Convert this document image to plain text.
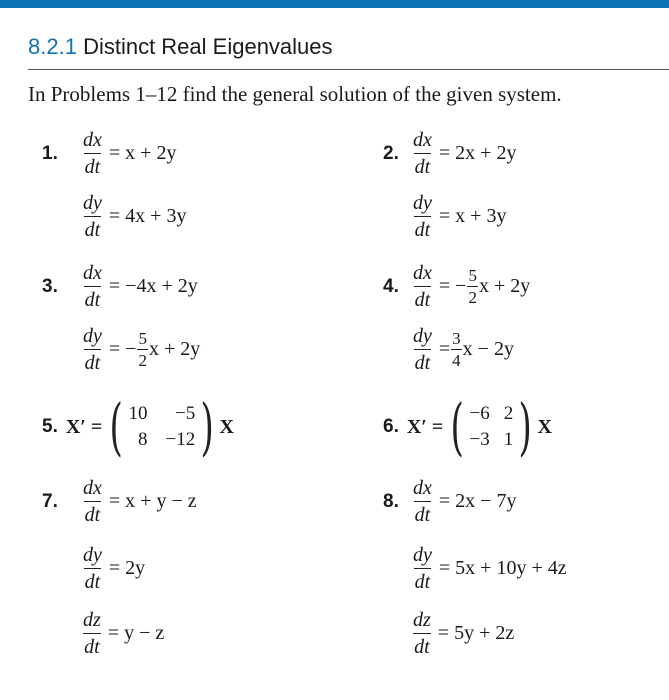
8.2.1 Distinct Real Eigenvalues
In Problems 1–12 find the general solution of the given system.
1. $\frac{dx}{dt} = x + 2y$
$\frac{dy}{dt} = 4x + 3y$
2. $\frac{dx}{dt} = 2x + 2y$
$\frac{dy}{dt} = x + 3y$
3. $\frac{dx}{dt} = -4x + 2y$
$\frac{dy}{dt}$ = − $\frac{5}{2}$ x + 2y
4. $\frac{dx}{dt}$ = − $\frac{5}{2}$ x + 2y
$\frac{dy}{dt} = \frac{3}{4}$ x − 2y
5. X′ = ( 10	−5
8 −12 ) X	6. X′ = ( −6 2
−3 1 ) X
7. $\frac{dx}{dt} = x + y - z$
$\frac{dy}{dt} = 2y$
$\frac{dz}{dt} = y - z$
8. $\frac{dx}{dt} = 2x - 7y$
$\frac{dy}{dt} = 5x + 10y + 4z$
$\frac{dz}{dt} = 5y + 2z$
